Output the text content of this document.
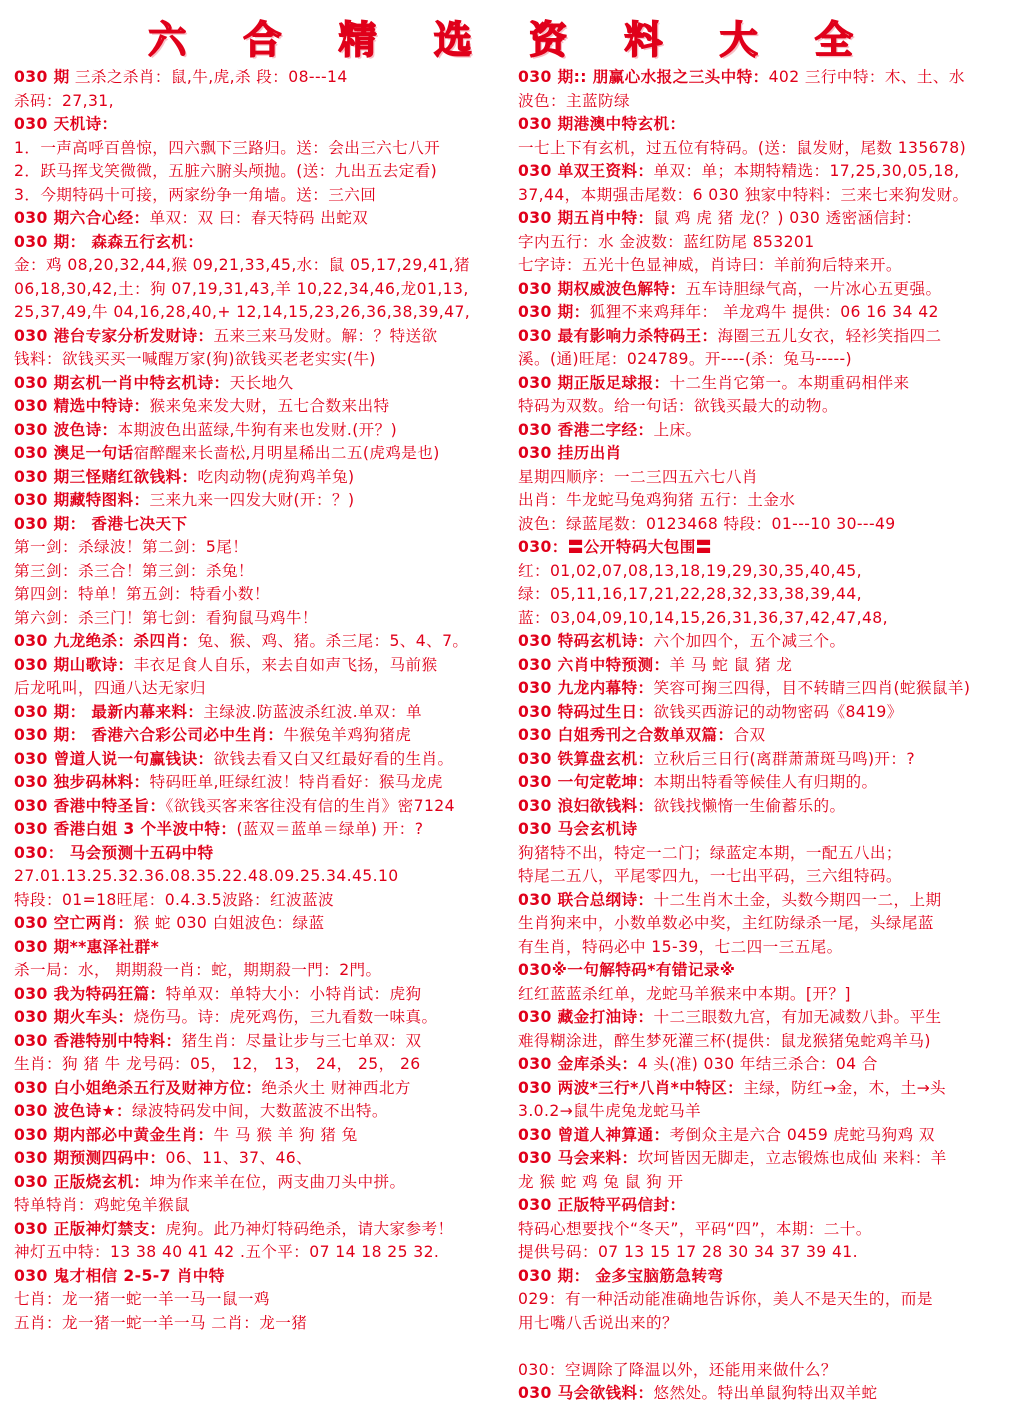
六 合 精 选 资 料 大 全
030 期 三杀之杀肖：鼠,牛,虎,杀 段：08---14
杀码：27,31,
030 天机诗：
1．一声高呼百兽惊，四六飘下三路归。送：会出三六七八开
2．跃马挥戈笑微微，五脏六腑头颅抛。(送：九出五去定看)
3．今期特码十可接，两家纷争一角墙。送：三六回
030 期六合心经：单双：双 曰：春天特码 出蛇双
030 期： 森森五行玄机：
金：鸡 08,20,32,44,猴 09,21,33,45,水：鼠 05,17,29,41,猪
06,18,30,42,土：狗 07,19,31,43,羊 10,22,34,46,龙01,13,
25,37,49,牛 04,16,28,40,+ 12,14,15,23,26,36,38,39,47,
030 港台专家分析发财诗：五来三来马发财。解：？特送欲
钱料：欲钱买买一喊醒万家(狗)欲钱买老老实实(牛)
030 期玄机一肖中特玄机诗：天长地久
030 精选中特诗：猴来兔来发大财，五七合数来出特
030 波色诗：本期波色出蓝绿,牛狗有来也发财.(开？)
030 澳足一句话宿醉醒来长啬松,月明星稀出二五(虎鸡是也)
030 期三怪赌红欲钱料：吃肉动物(虎狗鸡羊兔)
030 期藏特图料：三来九来一四发大财(开：？)
030 期： 香港七决天下
第一剑：杀绿波！第二剑：5尾！
第三剑：杀三合！第三剑：杀兔！
第四剑：特单！第五剑：特看小数！
第六剑：杀三门！第七剑：看狗鼠马鸡牛！
030 九龙绝杀：杀四肖：兔、猴、鸡、猪。杀三尾：5、4、7。
030 期山歌诗：丰衣足食人自乐，来去自如声飞扬，马前猴
后龙吼叫，四通八达无家归
030 期： 最新内幕来料：主绿波.防蓝波杀红波.单双：单
030 期： 香港六合彩公司必中生肖：牛猴兔羊鸡狗猪虎
030 曾道人说一句赢钱诀：欲钱去看又白又红最好看的生肖。
030 独步码林料：特码旺单,旺绿红波！特肖看好：猴马龙虎
030 香港中特圣旨：《欲钱买客来客往没有信的生肖》密7124
030 香港白姐 3 个半波中特：(蓝双＝蓝单＝绿单) 开：?
030： 马会预测十五码中特
27.01.13.25.32.36.08.35.22.48.09.25.34.45.10
特段：01=18旺尾：0.4.3.5波路：红波蓝波
030 空亡两肖：猴 蛇 030 白姐波色：绿蓝
030 期**惠泽社群*
杀一局：水， 期期殺一肖：蛇，期期殺一門：2門。
030 我为特码狂篇：特单双：单特大小：小特肖试：虎狗
030 期火车头：烧伤马。诗：虎死鸡伤，三九看数一味真。
030 香港特别中特料：猪生肖：尽量让步与三七单双：双
生肖：狗 猪 牛 龙号码：05， 12， 13， 24， 25， 26
030 白小姐绝杀五行及财神方位：绝杀火土 财神西北方
030 波色诗★：绿波特码发中间，大数蓝波不出特。
030 期内部必中黄金生肖：牛 马 猴 羊 狗 猪 兔
030 期预测四码中：06、11、37、46、
030 正版烧玄机：坤为作来羊在位，两支曲刀头中拼。
特单特肖：鸡蛇兔羊猴鼠
030 正版神灯禁支：虎狗。此乃神灯特码绝杀，请大家参考！
神灯五中特：13 38 40 41 42 .五个平：07 14 18 25 32.
030 鬼才相信 2-5-7 肖中特
七肖：龙一猪一蛇一羊一马一鼠一鸡
五肖：龙一猪一蛇一羊一马 二肖：龙一猪
030 期:: 朋赢心水报之三头中特：402 三行中特：木、土、水
波色：主蓝防绿
030 期港澳中特玄机：
一七上下有玄机，过五位有特码。(送：鼠发财，尾数 135678)
030 单双王资料：单双：单；本期特精选：17,25,30,05,18,
37,44，本期强击尾数：6 030 独家中特料：三来七来狗发财。
030 期五肖中特：鼠 鸡 虎 猪 龙(？) 030 透密涵信封：
字内五行：水 金波数：蓝红防尾 853201
七字诗：五光十色显神威，肖诗曰：羊前狗后特来开。
030 期权威波色解特：五车诗胆绿气高，一片冰心五更强。
030 期：狐狸不来鸡拜年： 羊龙鸡牛 提供：06 16 34 42
030 最有影响力杀特码王：海圈三五儿女衣，轻衫笑指四二
溪。(通)旺尾：024789。开----(杀：兔马-----)
030 期正版足球报：十二生肖它第一。本期重码相伴来
特码为双数。给一句话：欲钱买最大的动物。
030 香港二字经：上床。
030 挂历出肖
星期四顺序：一二三四五六七八肖
出肖：牛龙蛇马兔鸡狗猪 五行：土金水
波色：绿蓝尾数：0123468 特段：01---10 30---49
030：〓公开特码大包围〓
红：01,02,07,08,13,18,19,29,30,35,40,45,
绿：05,11,16,17,21,22,28,32,33,38,39,44,
蓝：03,04,09,10,14,15,26,31,36,37,42,47,48,
030 特码玄机诗：六个加四个，五个减三个。
030 六肖中特预测：羊 马 蛇 鼠 猪 龙
030 九龙内幕特：笑容可掬三四得，目不转睛三四肖(蛇猴鼠羊)
030 特码过生日：欲钱买西游记的动物密码《8419》
030 白姐秀刊之合数单双篇：合双
030 铁算盘玄机：立秋后三日行(离群萧萧斑马鸣)开：?
030 一句定乾坤：本期出特看等候佳人有归期的。
030 浪妇欲钱料：欲钱找懒惰一生偷蓄乐的。
030 马会玄机诗
狗猪特不出，特定一二门；绿蓝定本期，一配五八出；
特尾二五八，平尾零四九，一七出平码，三六组特码。
030 联合总纲诗：十二生肖木土金，头数今期四一二，上期
生肖狗来中，小数单数必中奖，主红防绿杀一尾，头绿尾蓝
有生肖，特码必中 15-39，七二四一三五尾。
030※一句解特码*有错记录※
红红蓝蓝杀红单，龙蛇马羊猴来中本期。[开？]
030 藏金打油诗：十二三眼数九宫，有加无减数八卦。平生
难得糊涂进，醉生梦死灌三杯(提供：鼠龙猴猪兔蛇鸡羊马)
030 金库杀头：4 头(准) 030 年结三杀合：04 合
030 两波*三行*八肖*中特区：主绿，防红→金，木，土→头
3.0.2→鼠牛虎兔龙蛇马羊
030 曾道人神算通：考倒众主是六合 0459 虎蛇马狗鸡 双
030 马会来料：坎坷皆因无脚走，立志锻炼也成仙 来料：羊
龙 猴 蛇 鸡 兔 鼠 狗 开
030 正版特平码信封：
特码心想要找个“冬天”，平码“四”，本期：二十。
提供号码：07 13 15 17 28 30 34 37 39 41.
030 期： 金多宝脑筋急转弯
029：有一种活动能准确地告诉你，美人不是天生的，而是
用七嘴八舌说出来的？
030：空调除了降温以外，还能用来做什么？
030 马会欲钱料：悠然处。特出单鼠狗特出双羊蛇
